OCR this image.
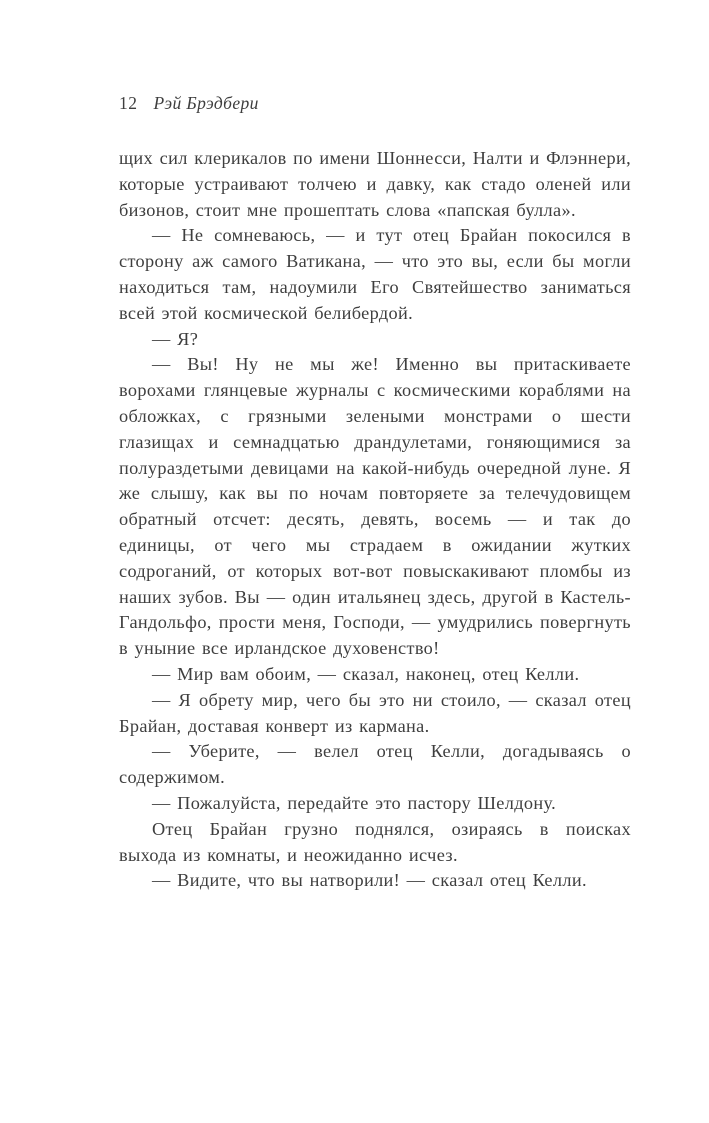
12 Рэй Брэдбери

щих сил клерикалов по имени Шоннесси, Налти и Флэннери, которые устраивают толчею и давку, как стадо оленей или бизонов, стоит мне прошептать слова «папская булла».

— Не сомневаюсь, — и тут отец Брайан покосился в сторону аж самого Ватикана, — что это вы, если бы могли находиться там, надоумили Его Святейшество заниматься всей этой космической белибердой.

— Я?

— Вы! Ну не мы же! Именно вы притаскиваете ворохами глянцевые журналы с космическими кораблями на обложках, с грязными зелеными монстрами о шести глазищах и семнадцатью драндулетами, гоняющимися за полураздетыми девицами на какой-нибудь очередной луне. Я же слышу, как вы по ночам повторяете за телечудовищем обратный отсчет: десять, девять, восемь — и так до единицы, от чего мы страдаем в ожидании жутких содроганий, от которых вот-вот повыскакивают пломбы из наших зубов. Вы — один итальянец здесь, другой в Кастель-Гандольфо, прости меня, Господи, — умудрились повергнуть в уныние все ирландское духовенство!

— Мир вам обоим, — сказал, наконец, отец Келли.

— Я обрету мир, чего бы это ни стоило, — сказал отец Брайан, доставая конверт из кармана.

— Уберите, — велел отец Келли, догадываясь о содержимом.

— Пожалуйста, передайте это пастору Шелдону.

Отец Брайан грузно поднялся, озираясь в поисках выхода из комнаты, и неожиданно исчез.

— Видите, что вы натворили! — сказал отец Келли.
